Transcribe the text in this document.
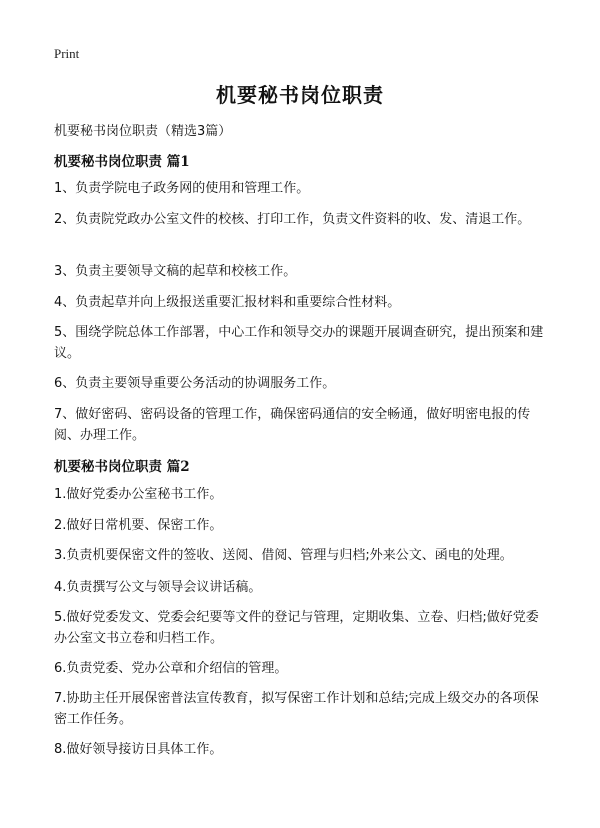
Print
机要秘书岗位职责
机要秘书岗位职责（精选3篇）
机要秘书岗位职责 篇1
1、负责学院电子政务网的使用和管理工作。
2、负责院党政办公室文件的校核、打印工作，负责文件资料的收、发、清退工作。
3、负责主要领导文稿的起草和校核工作。
4、负责起草并向上级报送重要汇报材料和重要综合性材料。
5、围绕学院总体工作部署，中心工作和领导交办的课题开展调查研究，提出预案和建议。
6、负责主要领导重要公务活动的协调服务工作。
7、做好密码、密码设备的管理工作，确保密码通信的安全畅通，做好明密电报的传阅、办理工作。
机要秘书岗位职责 篇2
1.做好党委办公室秘书工作。
2.做好日常机要、保密工作。
3.负责机要保密文件的签收、送阅、借阅、管理与归档;外来公文、函电的处理。
4.负责撰写公文与领导会议讲话稿。
5.做好党委发文、党委会纪要等文件的登记与管理，定期收集、立卷、归档;做好党委办公室文书立卷和归档工作。
6.负责党委、党办公章和介绍信的管理。
7.协助主任开展保密普法宣传教育，拟写保密工作计划和总结;完成上级交办的各项保密工作任务。
8.做好领导接访日具体工作。
